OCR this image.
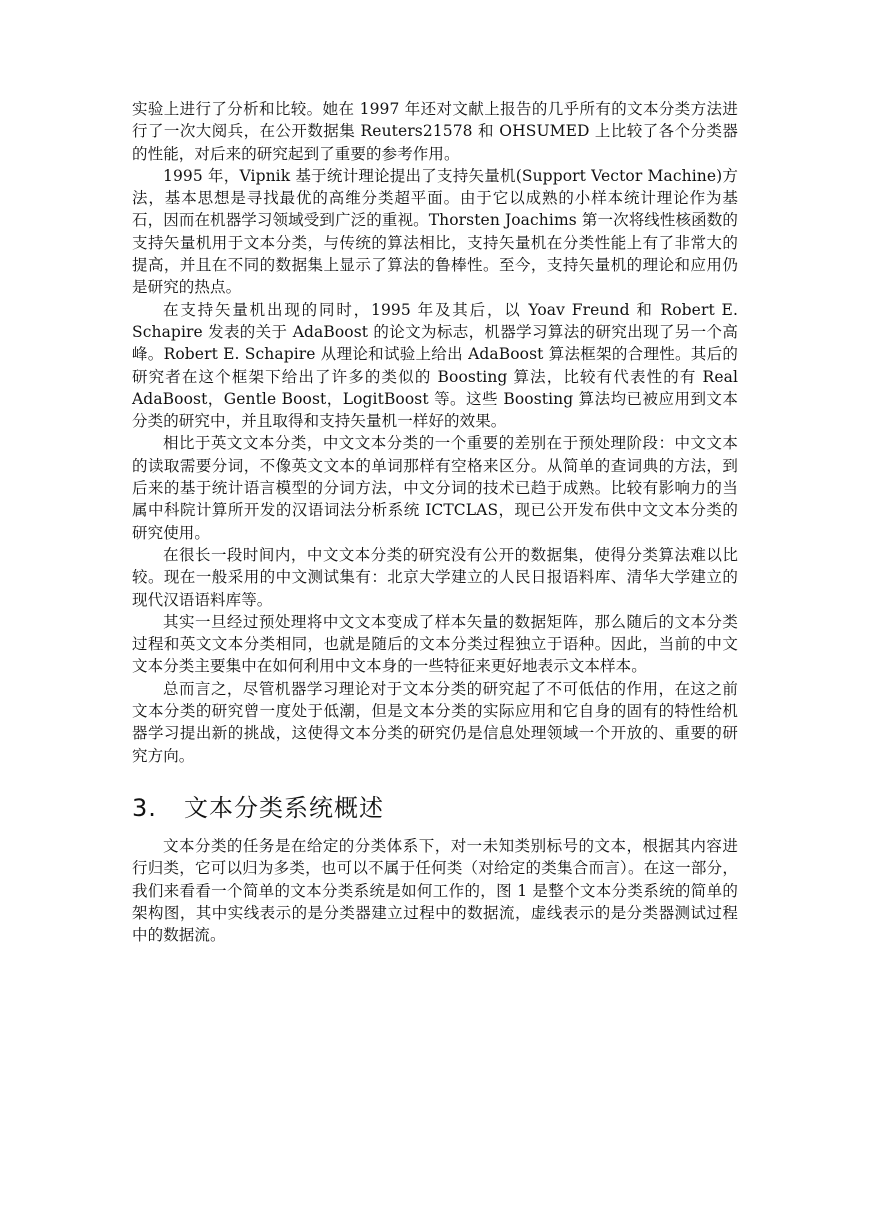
实验上进行了分析和比较。她在 1997 年还对文献上报告的几乎所有的文本分类方法进行了一次大阅兵，在公开数据集 Reuters21578 和 OHSUMED 上比较了各个分类器的性能，对后来的研究起到了重要的参考作用。

1995 年，Vipnik 基于统计理论提出了支持矢量机(Support Vector Machine)方法，基本思想是寻找最优的高维分类超平面。由于它以成熟的小样本统计理论作为基石，因而在机器学习领域受到广泛的重视。Thorsten Joachims 第一次将线性核函数的支持矢量机用于文本分类，与传统的算法相比，支持矢量机在分类性能上有了非常大的提高，并且在不同的数据集上显示了算法的鲁棒性。至今，支持矢量机的理论和应用仍是研究的热点。

在支持矢量机出现的同时，1995 年及其后，以 Yoav Freund 和 Robert E. Schapire 发表的关于 AdaBoost 的论文为标志，机器学习算法的研究出现了另一个高峰。Robert E. Schapire 从理论和试验上给出 AdaBoost 算法框架的合理性。其后的研究者在这个框架下给出了许多的类似的 Boosting 算法，比较有代表性的有 Real AdaBoost，Gentle Boost，LogitBoost 等。这些 Boosting 算法均已被应用到文本分类的研究中，并且取得和支持矢量机一样好的效果。

相比于英文文本分类，中文文本分类的一个重要的差别在于预处理阶段：中文文本的读取需要分词，不像英文文本的单词那样有空格来区分。从简单的查词典的方法，到后来的基于统计语言模型的分词方法，中文分词的技术已趋于成熟。比较有影响力的当属中科院计算所开发的汉语词法分析系统 ICTCLAS，现已公开发布供中文文本分类的研究使用。

在很长一段时间内，中文文本分类的研究没有公开的数据集，使得分类算法难以比较。现在一般采用的中文测试集有：北京大学建立的人民日报语料库、清华大学建立的现代汉语语料库等。

其实一旦经过预处理将中文文本变成了样本矢量的数据矩阵，那么随后的文本分类过程和英文文本分类相同，也就是随后的文本分类过程独立于语种。因此，当前的中文文本分类主要集中在如何利用中文本身的一些特征来更好地表示文本样本。

总而言之，尽管机器学习理论对于文本分类的研究起了不可低估的作用，在这之前文本分类的研究曾一度处于低潮，但是文本分类的实际应用和它自身的固有的特性给机器学习提出新的挑战，这使得文本分类的研究仍是信息处理领域一个开放的、重要的研究方向。

3. 文本分类系统概述

文本分类的任务是在给定的分类体系下，对一未知类别标号的文本，根据其内容进行归类，它可以归为多类，也可以不属于任何类（对给定的类集合而言）。在这一部分，我们来看看一个简单的文本分类系统是如何工作的，图 1 是整个文本分类系统的简单的架构图，其中实线表示的是分类器建立过程中的数据流，虚线表示的是分类器测试过程中的数据流。
